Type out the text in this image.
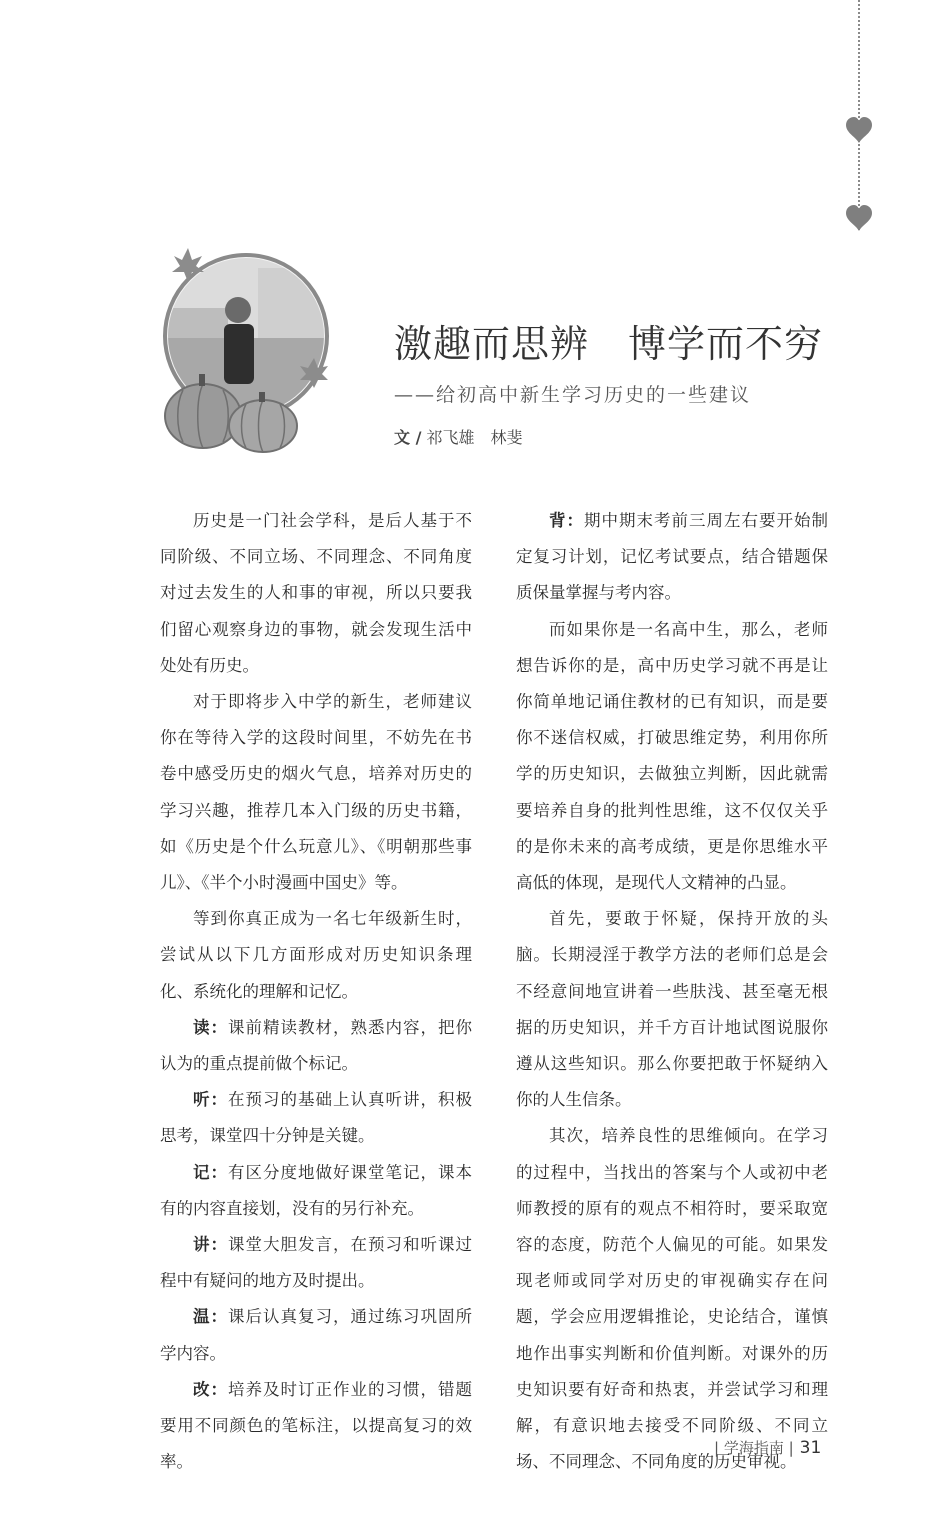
激趣而思辨　博学而不穷
——给初高中新生学习历史的一些建议
文 / 祁飞雄　林斐

历史是一门社会学科，是后人基于不同阶级、不同立场、不同理念、不同角度对过去发生的人和事的审视，所以只要我们留心观察身边的事物，就会发现生活中处处有历史。

对于即将步入中学的新生，老师建议你在等待入学的这段时间里，不妨先在书卷中感受历史的烟火气息，培养对历史的学习兴趣，推荐几本入门级的历史书籍，如《历史是个什么玩意儿》、《明朝那些事儿》、《半个小时漫画中国史》等。

等到你真正成为一名七年级新生时，尝试从以下几方面形成对历史知识条理化、系统化的理解和记忆。

读：课前精读教材，熟悉内容，把你认为的重点提前做个标记。

听：在预习的基础上认真听讲，积极思考，课堂四十分钟是关键。

记：有区分度地做好课堂笔记，课本有的内容直接划，没有的另行补充。

讲：课堂大胆发言，在预习和听课过程中有疑问的地方及时提出。

温：课后认真复习，通过练习巩固所学内容。

改：培养及时订正作业的习惯，错题要用不同颜色的笔标注，以提高复习的效率。

背：期中期末考前三周左右要开始制定复习计划，记忆考试要点，结合错题保质保量掌握与考内容。

而如果你是一名高中生，那么，老师想告诉你的是，高中历史学习就不再是让你简单地记诵住教材的已有知识，而是要你不迷信权威，打破思维定势，利用你所学的历史知识，去做独立判断，因此就需要培养自身的批判性思维，这不仅仅关乎的是你未来的高考成绩，更是你思维水平高低的体现，是现代人文精神的凸显。

首先，要敢于怀疑，保持开放的头脑。长期浸淫于教学方法的老师们总是会不经意间地宣讲着一些肤浅、甚至毫无根据的历史知识，并千方百计地试图说服你遵从这些知识。那么你要把敢于怀疑纳入你的人生信条。

其次，培养良性的思维倾向。在学习的过程中，当找出的答案与个人或初中老师教授的原有的观点不相符时，要采取宽容的态度，防范个人偏见的可能。如果发现老师或同学对历史的审视确实存在问题，学会应用逻辑推论，史论结合，谨慎地作出事实判断和价值判断。对课外的历史知识要有好奇和热衷，并尝试学习和理解，有意识地去接受不同阶级、不同立场、不同理念、不同角度的历史审视。

| 学海指南 | 31
